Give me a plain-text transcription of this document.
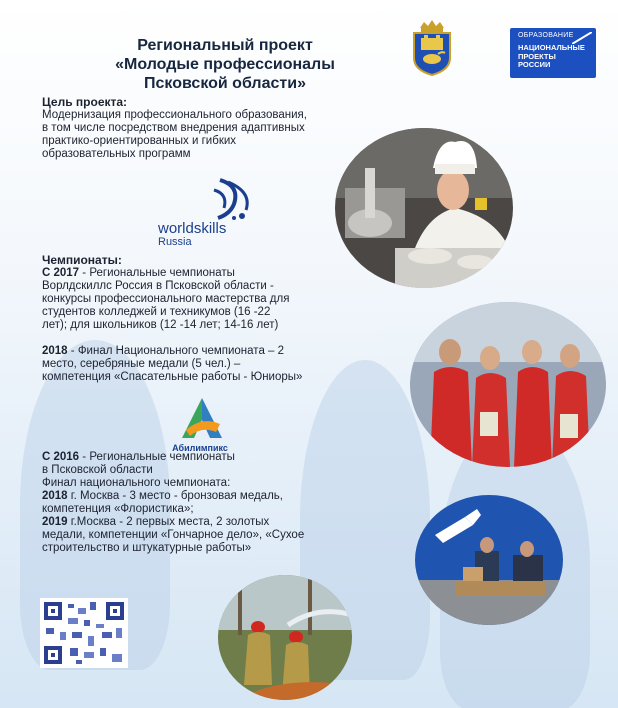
Региональный проект
«Молодые профессионалы
Псковской области»
ОБРАЗОВАНИЕ
НАЦИОНАЛЬНЫЕ
ПРОЕКТЫ
РОССИИ
Цель проекта:
Модернизация профессионального образования,
в том числе посредством внедрения адаптивных
практико-ориентированных и гибких
образовательных программ
worldskills
Russia
Чемпионаты:
С 2017 - Региональные чемпионаты
Ворлдскиллс Россия в Псковской области -
конкурсы профессионального мастерства для
студентов колледжей и техникумов (16 -22
лет); для школьников (12 -14 лет; 14-16 лет)
2018 - Финал Национального чемпионата – 2
место, серебряные медали (5 чел.) –
компетенция «Спасательные работы - Юниоры»
Абилимпикс
С 2016 - Региональные чемпионаты
в Псковской области
Финал национального чемпионата:
2018 г. Москва - 3 место - бронзовая медаль,
компетенция «Флористика»;
2019 г.Москва - 2 первых места, 2 золотых
медали, компетенции «Гончарное дело», «Сухое
строительство и штукатурные работы»
